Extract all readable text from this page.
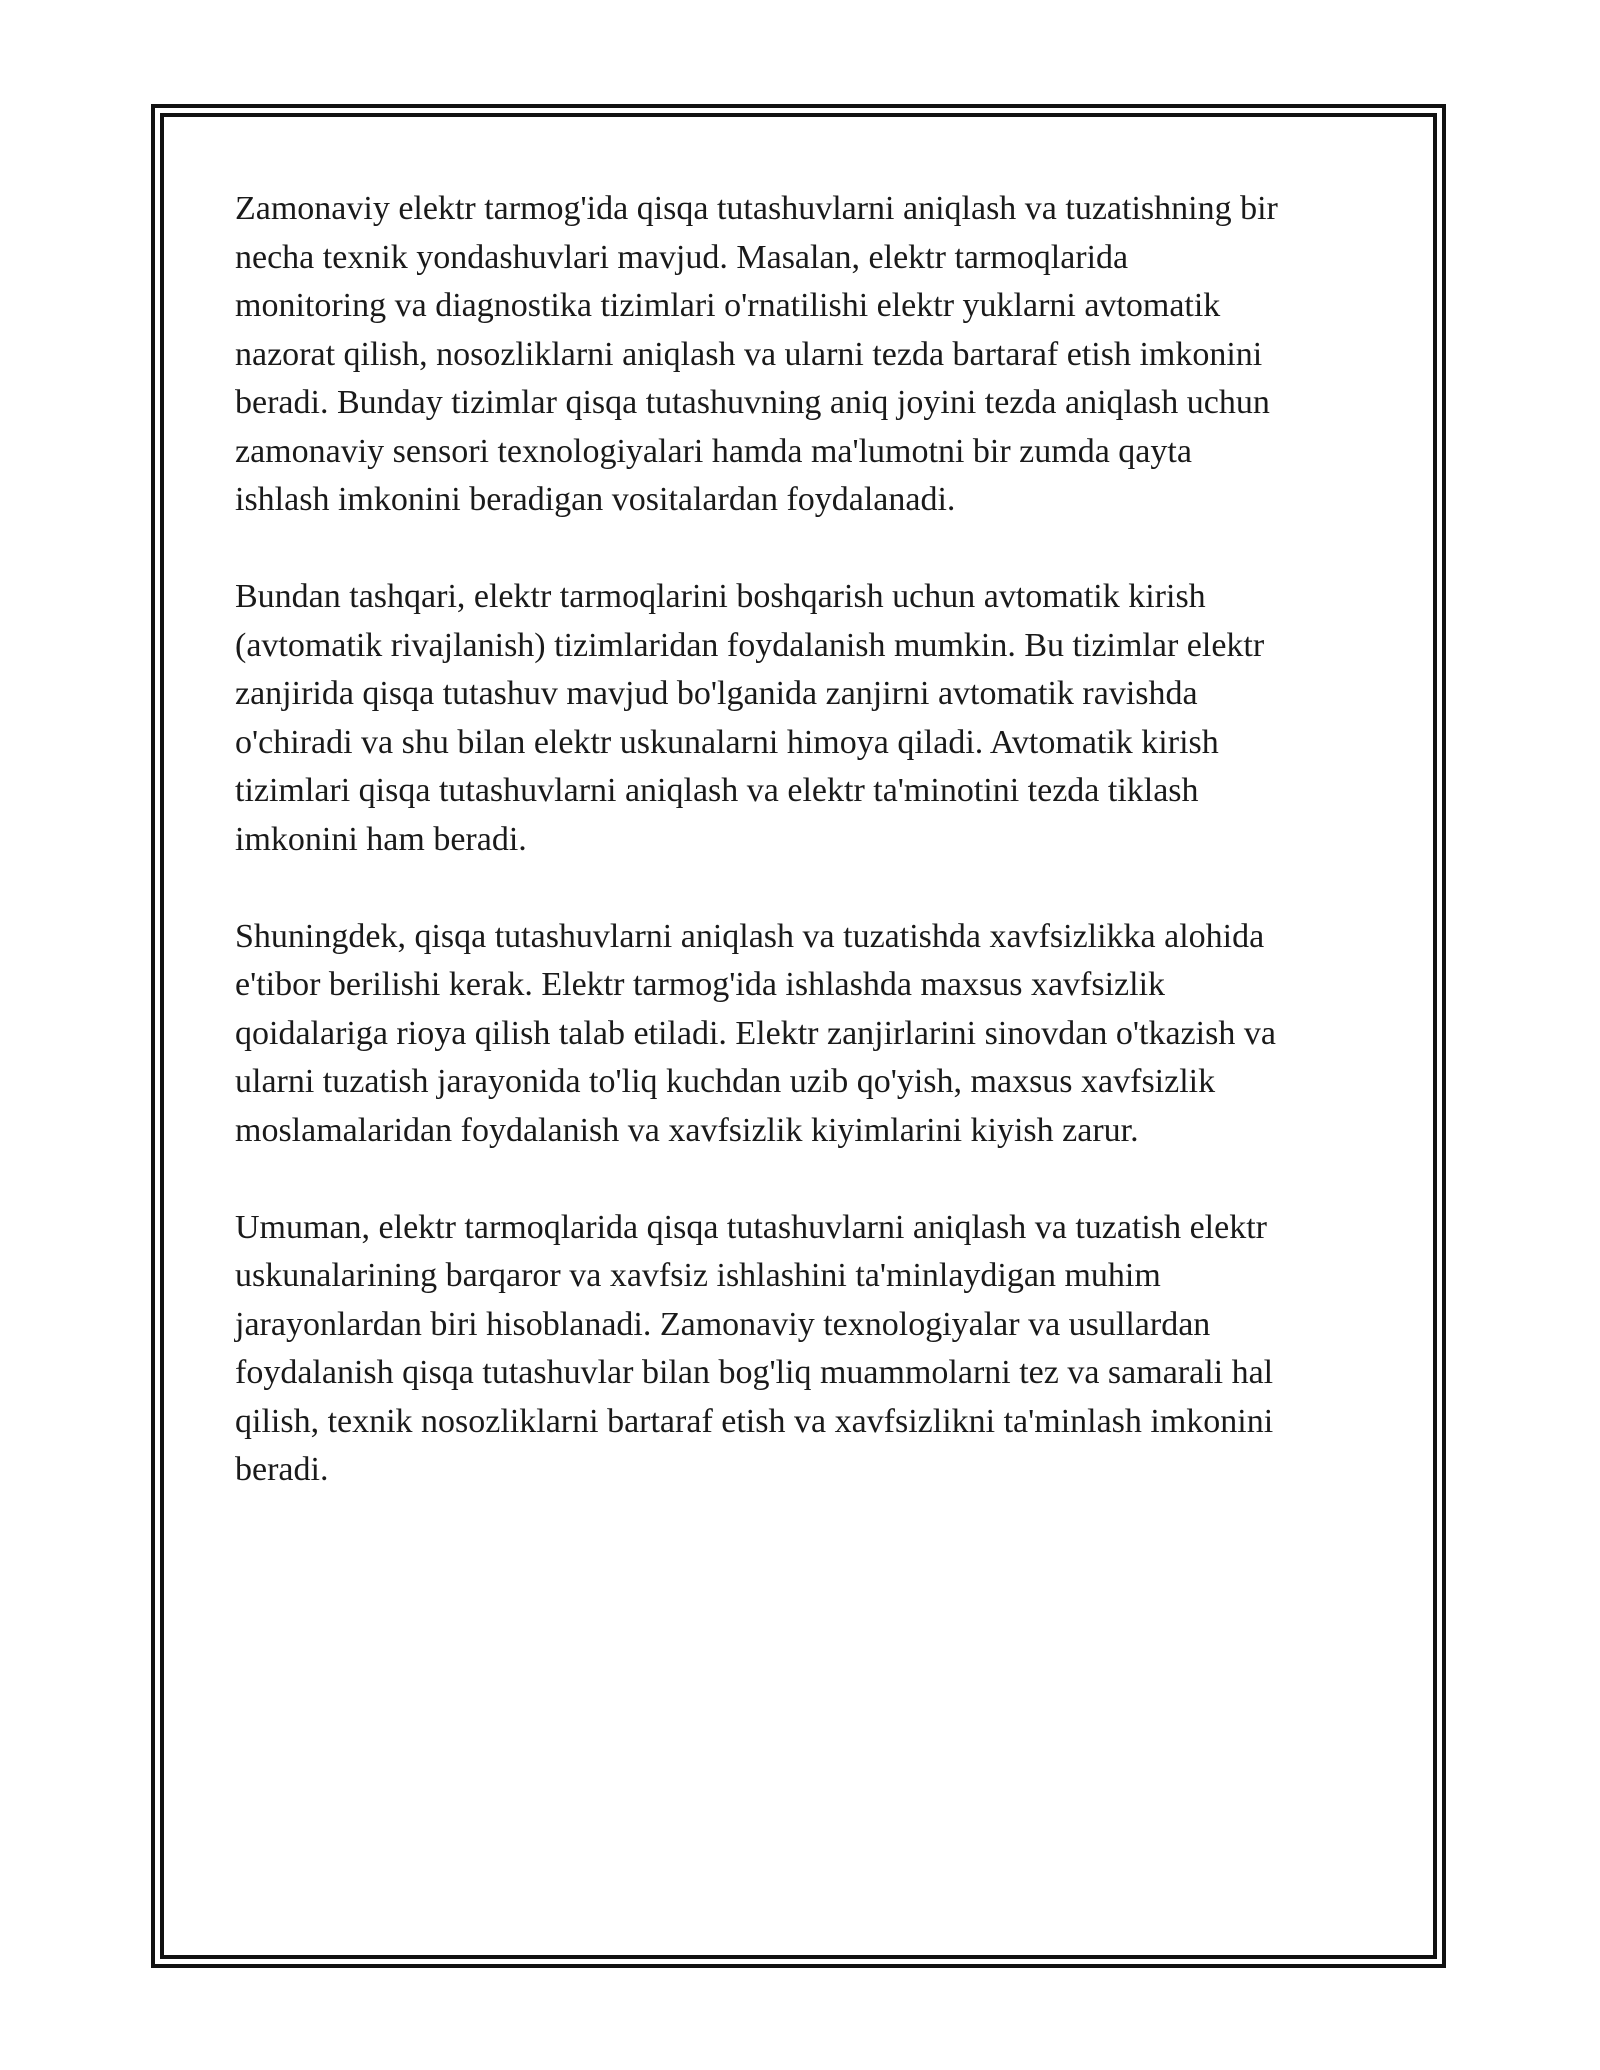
Zamonaviy elektr tarmog'ida qisqa tutashuvlarni aniqlash va tuzatishning bir
necha texnik yondashuvlari mavjud. Masalan, elektr tarmoqlarida
monitoring va diagnostika tizimlari o'rnatilishi elektr yuklarni avtomatik
nazorat qilish, nosozliklarni aniqlash va ularni tezda bartaraf etish imkonini
beradi. Bunday tizimlar qisqa tutashuvning aniq joyini tezda aniqlash uchun
zamonaviy sensori texnologiyalari hamda ma'lumotni bir zumda qayta
ishlash imkonini beradigan vositalardan foydalanadi.

Bundan tashqari, elektr tarmoqlarini boshqarish uchun avtomatik kirish
(avtomatik rivajlanish) tizimlaridan foydalanish mumkin. Bu tizimlar elektr
zanjirida qisqa tutashuv mavjud bo'lganida zanjirni avtomatik ravishda
o'chiradi va shu bilan elektr uskunalarni himoya qiladi. Avtomatik kirish
tizimlari qisqa tutashuvlarni aniqlash va elektr ta'minotini tezda tiklash
imkonini ham beradi.

Shuningdek, qisqa tutashuvlarni aniqlash va tuzatishda xavfsizlikka alohida
e'tibor berilishi kerak. Elektr tarmog'ida ishlashda maxsus xavfsizlik
qoidalariga rioya qilish talab etiladi. Elektr zanjirlarini sinovdan o'tkazish va
ularni tuzatish jarayonida to'liq kuchdan uzib qo'yish, maxsus xavfsizlik
moslamalaridan foydalanish va xavfsizlik kiyimlarini kiyish zarur.

Umuman, elektr tarmoqlarida qisqa tutashuvlarni aniqlash va tuzatish elektr
uskunalarining barqaror va xavfsiz ishlashini ta'minlaydigan muhim
jarayonlardan biri hisoblanadi. Zamonaviy texnologiyalar va usullardan
foydalanish qisqa tutashuvlar bilan bog'liq muammolarni tez va samarali hal
qilish, texnik nosozliklarni bartaraf etish va xavfsizlikni ta'minlash imkonini
beradi.
